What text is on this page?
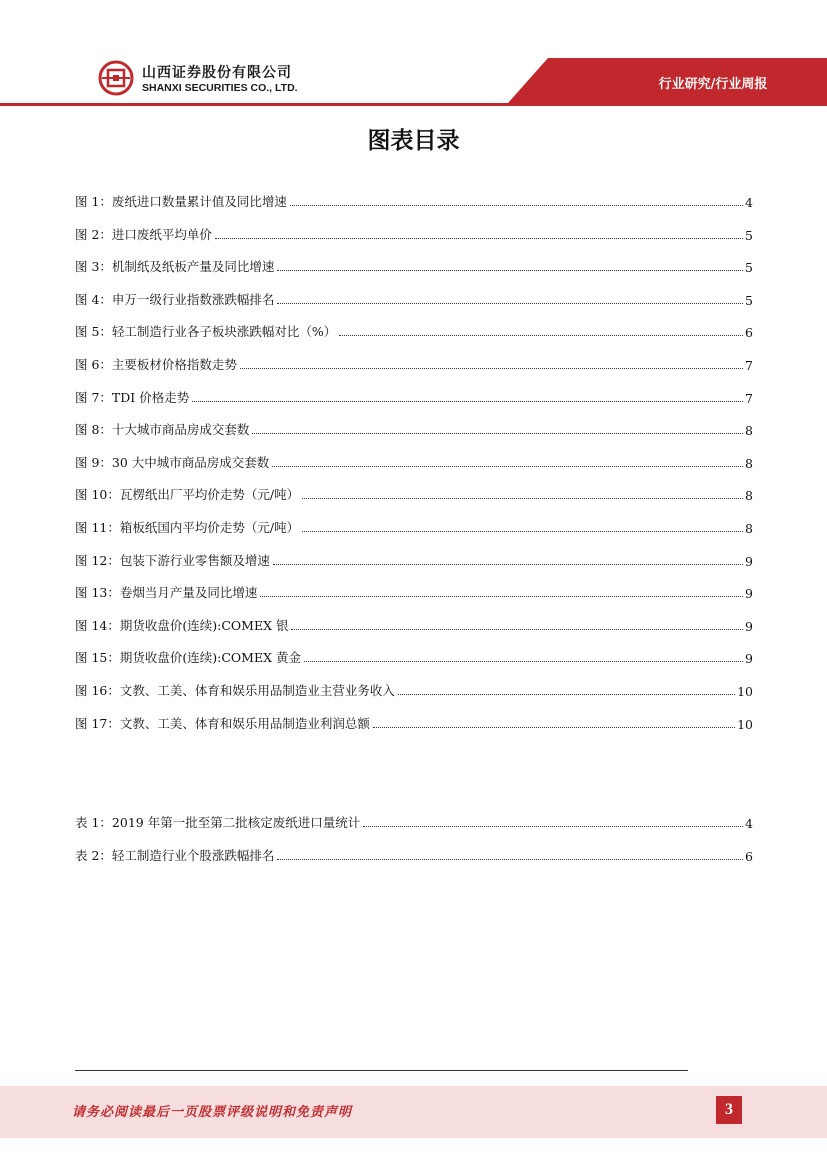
行业研究/行业周报
山西证券股份有限公司
SHANXI SECURITIES CO., LTD.
图表目录
图 1：废纸进口数量累计值及同比增速	4
图 2：进口废纸平均单价	5
图 3：机制纸及纸板产量及同比增速	5
图 4：申万一级行业指数涨跌幅排名	5
图 5：轻工制造行业各子板块涨跌幅对比（%）	6
图 6：主要板材价格指数走势	7
图 7：TDI 价格走势	7
图 8：十大城市商品房成交套数	8
图 9：30 大中城市商品房成交套数	8
图 10：瓦楞纸出厂平均价走势（元/吨）	8
图 11：箱板纸国内平均价走势（元/吨）	8
图 12：包装下游行业零售额及增速	9
图 13：卷烟当月产量及同比增速	9
图 14：期货收盘价(连续):COMEX 银	9
图 15：期货收盘价(连续):COMEX 黄金	9
图 16：文教、工美、体育和娱乐用品制造业主营业务收入	10
图 17：文教、工美、体育和娱乐用品制造业利润总额	10
表 1：2019 年第一批至第二批核定废纸进口量统计	4
表 2：轻工制造行业个股涨跌幅排名	6
请务必阅读最后一页股票评级说明和免责声明	3
